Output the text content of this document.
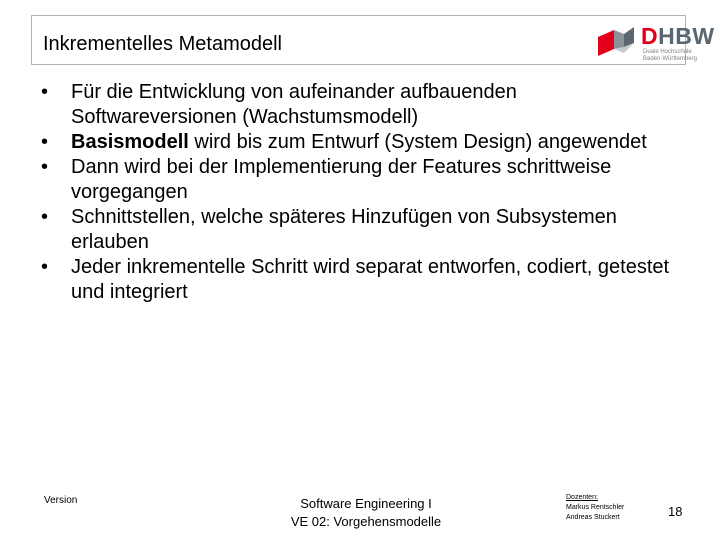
Inkrementelles Metamodell	DHBW
Duale Hochschule
Baden-Württemberg
• Für die Entwicklung von aufeinander aufbauenden Softwareversionen (Wachstumsmodell)
• Basismodell wird bis zum Entwurf (System Design) angewendet
• Dann wird bei der Implementierung der Features schrittweise vorgegangen
• Schnittstellen, welche späteres Hinzufügen von Subsystemen erlauben
• Jeder inkrementelle Schritt wird separat entworfen, codiert, getestet und integriert
Version	Software Engineering I
VE 02: Vorgehensmodelle
Dozenten:
Markus Rentschler
Andreas Stuckert	18
